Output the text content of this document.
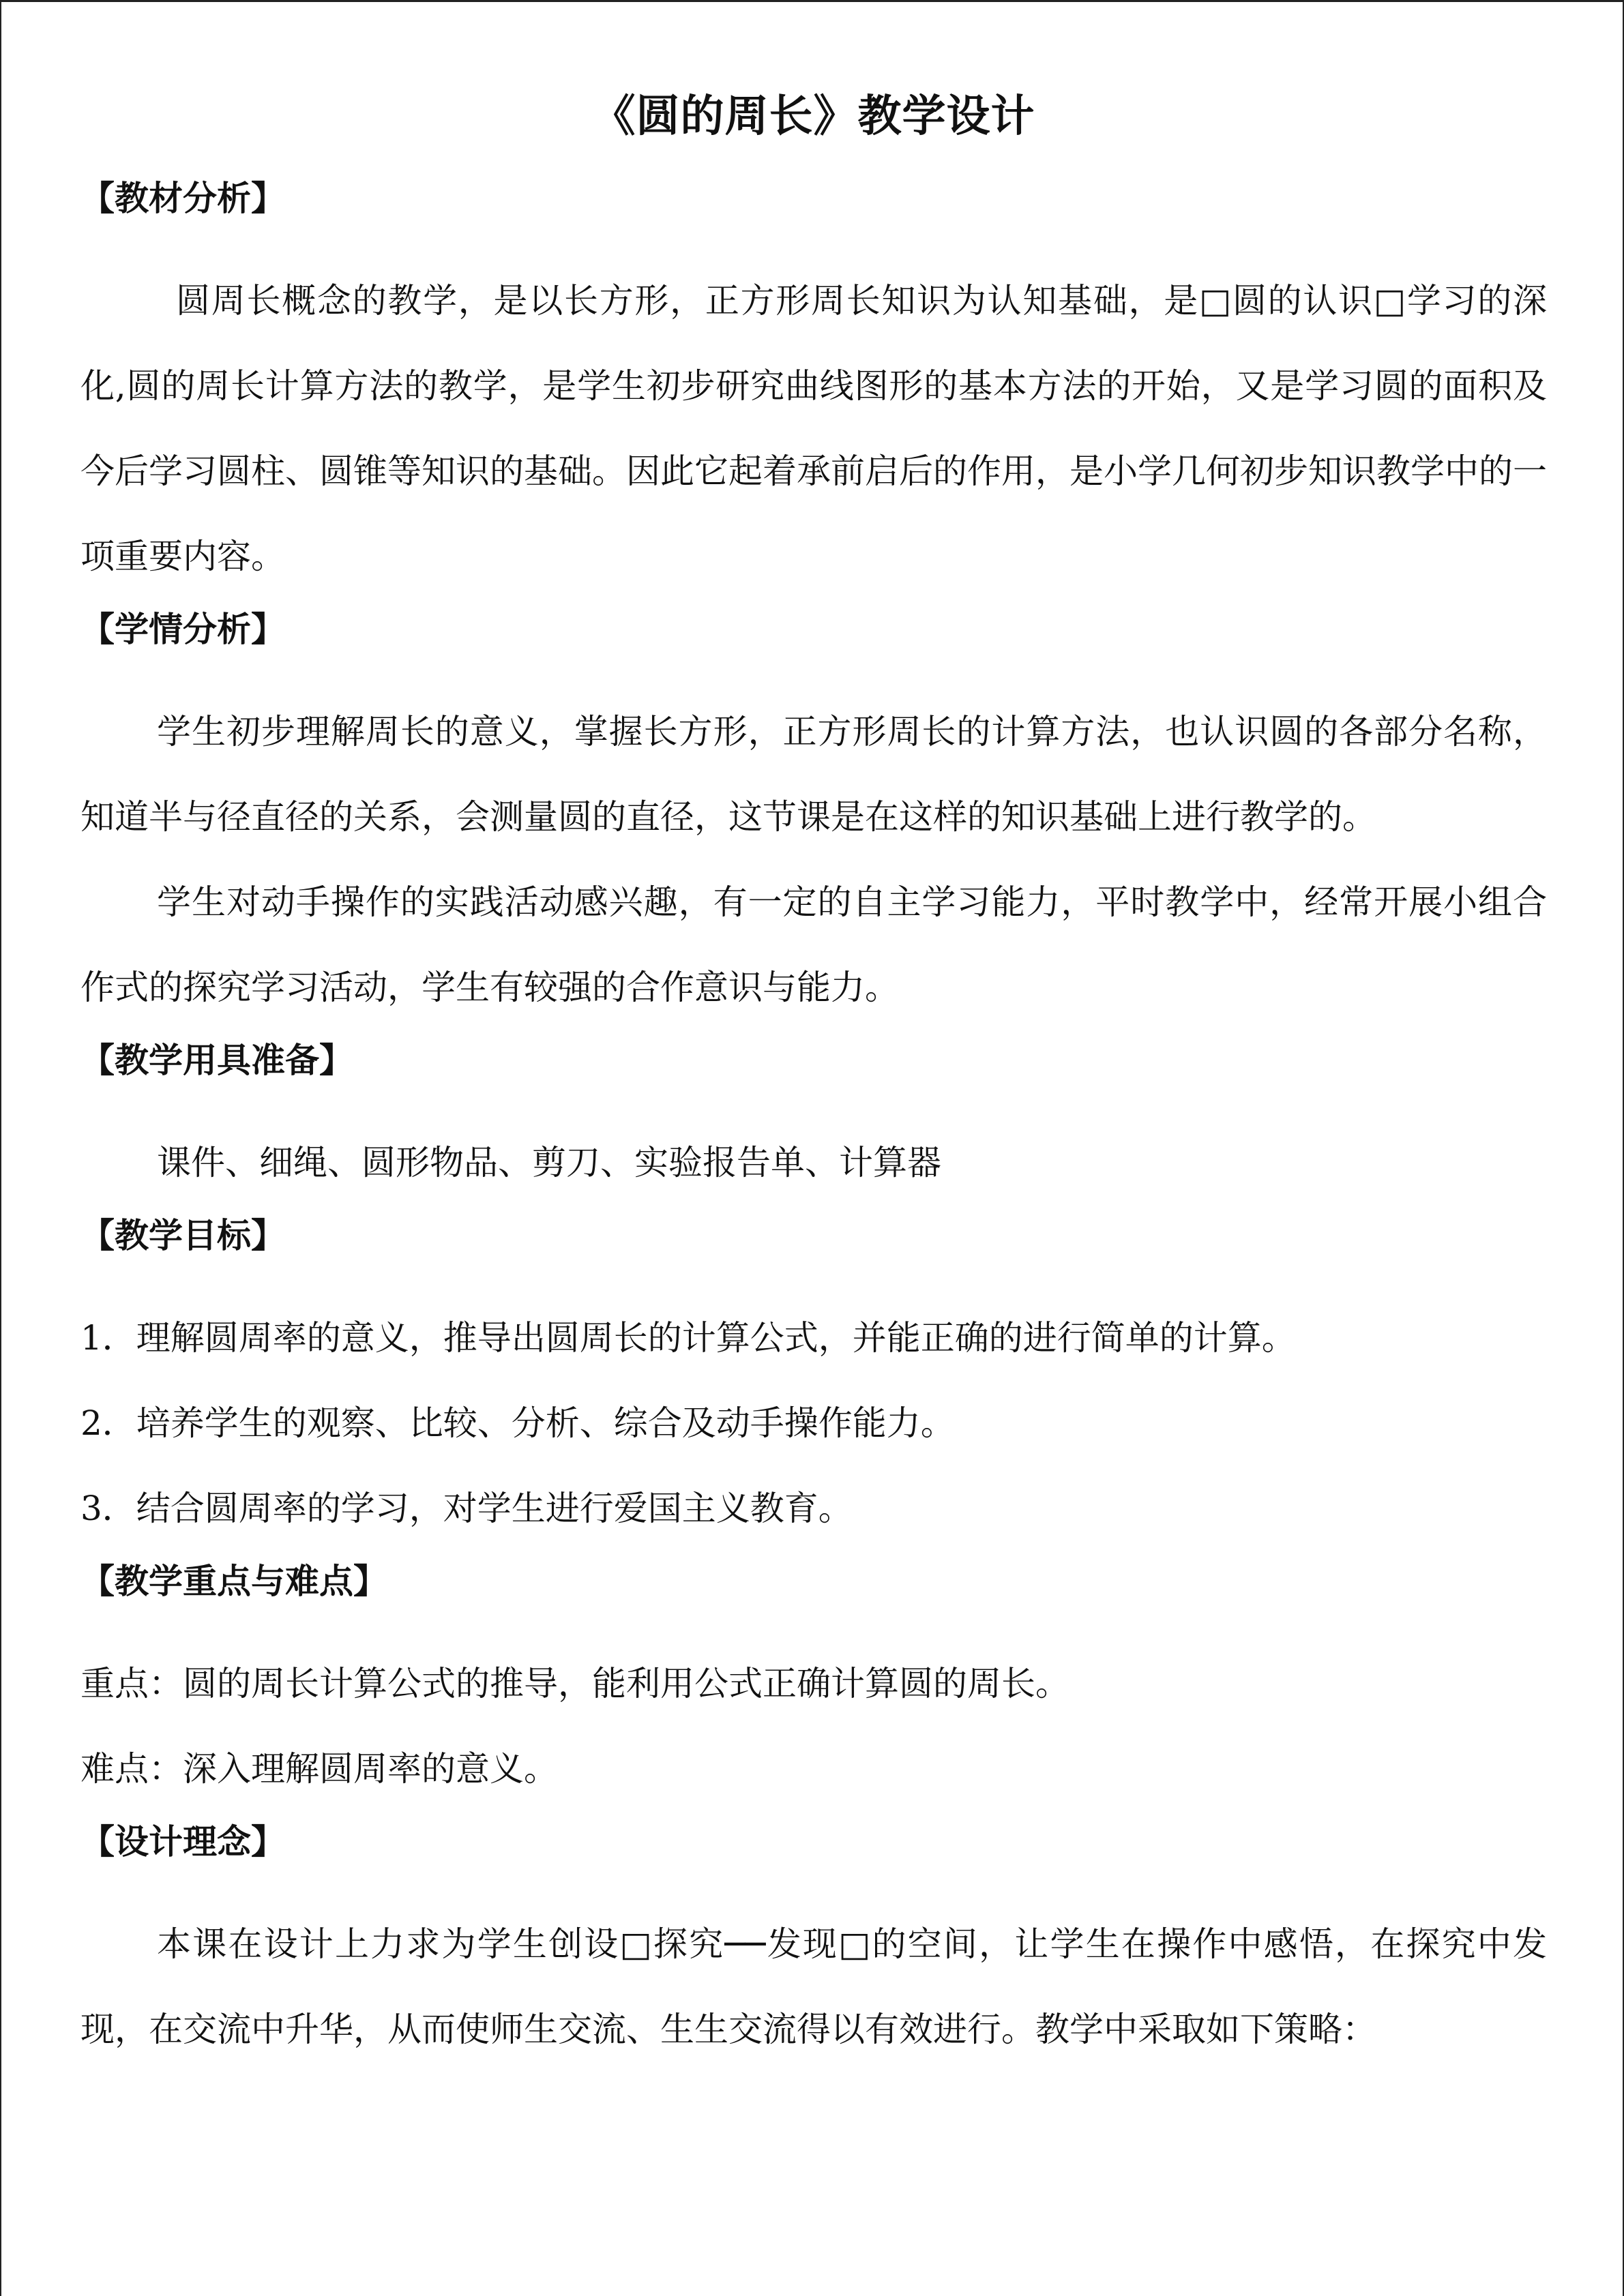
《圆的周长》教学设计
【教材分析】

圆周长概念的教学，是以长方形，正方形周长知识为认知基础，是□圆的认识□学习的深化,圆的周长计算方法的教学，是学生初步研究曲线图形的基本方法的开始，又是学习圆的面积及今后学习圆柱、圆锥等知识的基础。因此它起着承前启后的作用，是小学几何初步知识教学中的一项重要内容。

【学情分析】

学生初步理解周长的意义，掌握长方形，正方形周长的计算方法，也认识圆的各部分名称，知道半与径直径的关系，会测量圆的直径，这节课是在这样的知识基础上进行教学的。

学生对动手操作的实践活动感兴趣，有一定的自主学习能力，平时教学中，经常开展小组合作式的探究学习活动，学生有较强的合作意识与能力。

【教学用具准备】

课件、细绳、圆形物品、剪刀、实验报告单、计算器

【教学目标】

1．理解圆周率的意义，推导出圆周长的计算公式，并能正确的进行简单的计算。

2．培养学生的观察、比较、分析、综合及动手操作能力。

3．结合圆周率的学习，对学生进行爱国主义教育。

【教学重点与难点】

重点：圆的周长计算公式的推导，能利用公式正确计算圆的周长。

难点：深入理解圆周率的意义。

【设计理念】

本课在设计上力求为学生创设□探究──发现□的空间，让学生在操作中感悟，在探究中发现，在交流中升华，从而使师生交流、生生交流得以有效进行。教学中采取如下策略：
